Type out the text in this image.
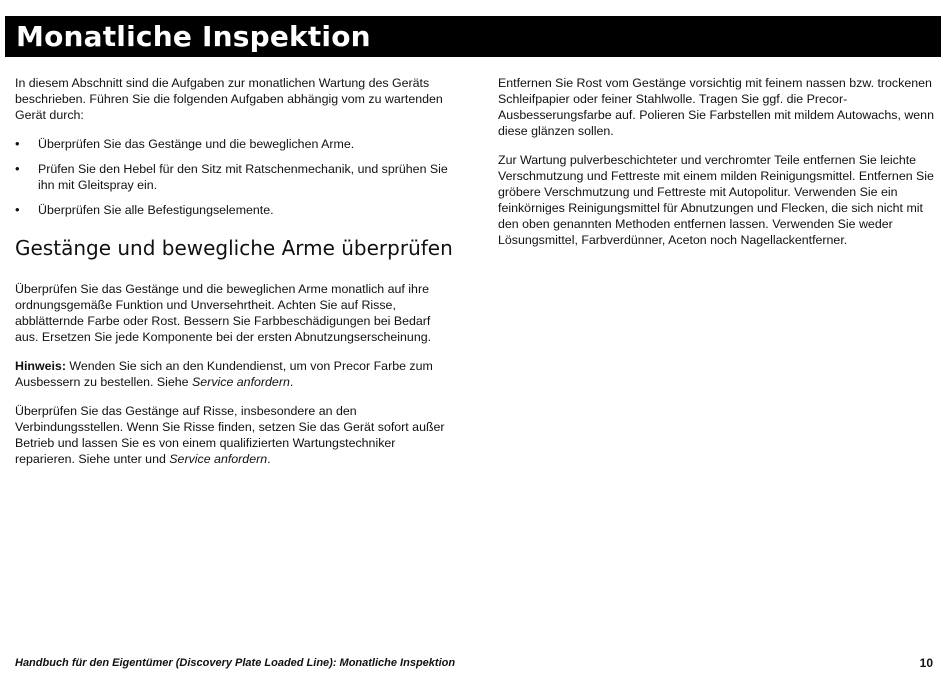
Monatliche Inspektion

In diesem Abschnitt sind die Aufgaben zur monatlichen Wartung des Geräts beschrieben. Führen Sie die folgenden Aufgaben abhängig vom zu wartenden Gerät durch:

• Überprüfen Sie das Gestänge und die beweglichen Arme.
• Prüfen Sie den Hebel für den Sitz mit Ratschenmechanik, und sprühen Sie ihn mit Gleitspray ein.
• Überprüfen Sie alle Befestigungselemente.
Gestänge und bewegliche Arme überprüfen

Überprüfen Sie das Gestänge und die beweglichen Arme monatlich auf ihre ordnungsgemäße Funktion und Unversehrtheit. Achten Sie auf Risse, abblätternde Farbe oder Rost. Bessern Sie Farbbeschädigungen bei Bedarf aus. Ersetzen Sie jede Komponente bei der ersten Abnutzungserscheinung.

Hinweis: Wenden Sie sich an den Kundendienst, um von Precor Farbe zum Ausbessern zu bestellen. Siehe Service anfordern.

Überprüfen Sie das Gestänge auf Risse, insbesondere an den Verbindungsstellen. Wenn Sie Risse finden, setzen Sie das Gerät sofort außer Betrieb und lassen Sie es von einem qualifizierten Wartungstechniker reparieren. Siehe unter und Service anfordern.

Entfernen Sie Rost vom Gestänge vorsichtig mit feinem nassen bzw. trockenen Schleifpapier oder feiner Stahlwolle. Tragen Sie ggf. die Precor-Ausbesserungsfarbe auf. Polieren Sie Farbstellen mit mildem Autowachs, wenn diese glänzen sollen.

Zur Wartung pulverbeschichteter und verchromter Teile entfernen Sie leichte Verschmutzung und Fettreste mit einem milden Reinigungsmittel. Entfernen Sie gröbere Verschmutzung und Fettreste mit Autopolitur. Verwenden Sie ein feinkörniges Reinigungsmittel für Abnutzungen und Flecken, die sich nicht mit den oben genannten Methoden entfernen lassen. Verwenden Sie weder Lösungsmittel, Farbverdünner, Aceton noch Nagellackentferner.

Handbuch für den Eigentümer (Discovery Plate Loaded Line): Monatliche Inspektion	10
